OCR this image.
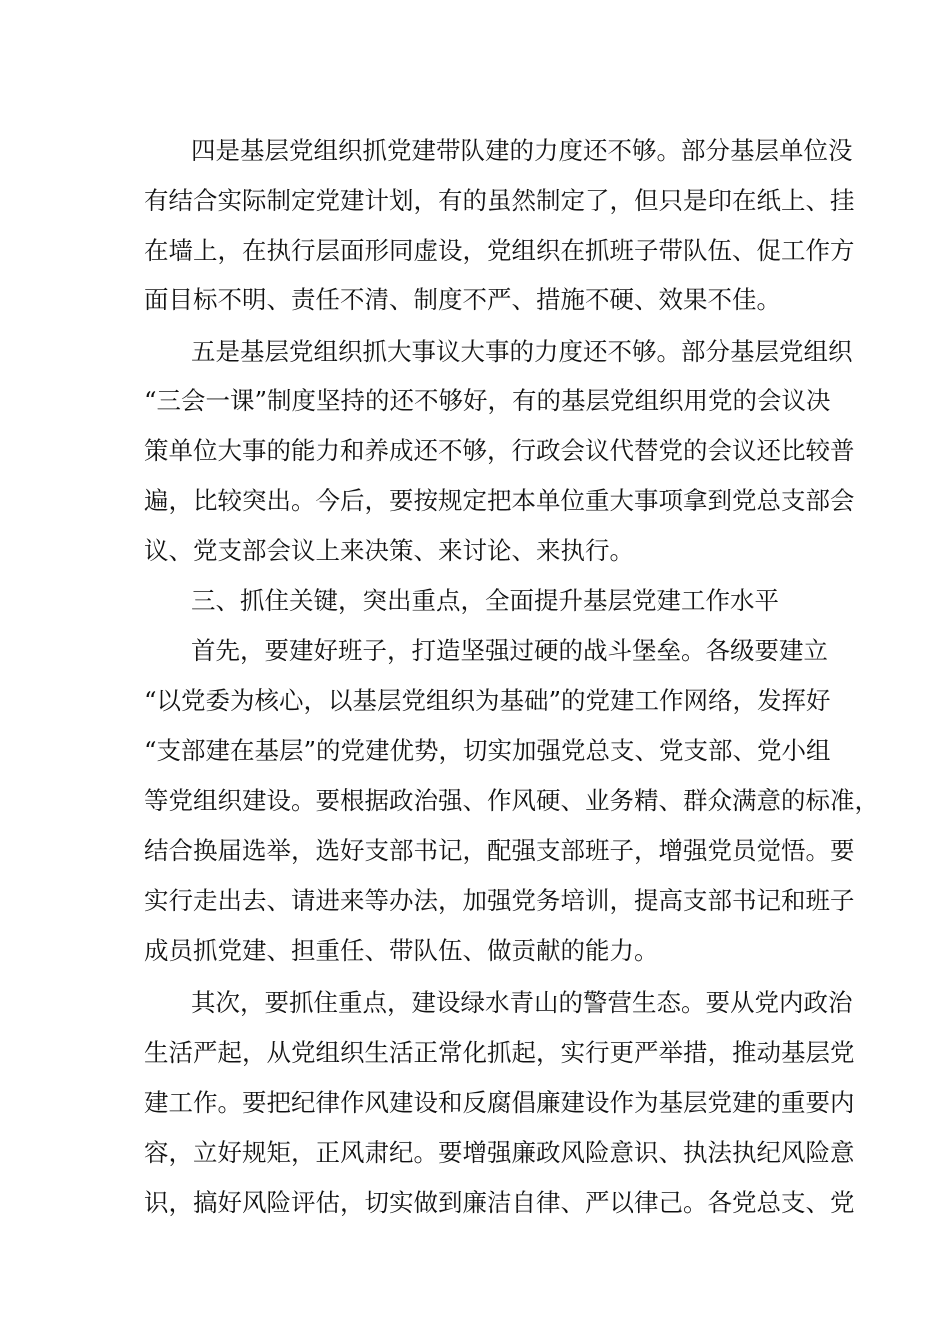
四是基层党组织抓党建带队建的力度还不够。部分基层单位没
有结合实际制定党建计划，有的虽然制定了，但只是印在纸上、挂
在墙上，在执行层面形同虚设，党组织在抓班子带队伍、促工作方
面目标不明、责任不清、制度不严、措施不硬、效果不佳。
五是基层党组织抓大事议大事的力度还不够。部分基层党组织
“三会一课”制度坚持的还不够好，有的基层党组织用党的会议决
策单位大事的能力和养成还不够，行政会议代替党的会议还比较普
遍，比较突出。今后，要按规定把本单位重大事项拿到党总支部会
议、党支部会议上来决策、来讨论、来执行。
三、抓住关键，突出重点，全面提升基层党建工作水平
首先，要建好班子，打造坚强过硬的战斗堡垒。各级要建立
“以党委为核心，以基层党组织为基础”的党建工作网络，发挥好
“支部建在基层”的党建优势，切实加强党总支、党支部、党小组
等党组织建设。要根据政治强、作风硬、业务精、群众满意的标准，
结合换届选举，选好支部书记，配强支部班子，增强党员觉悟。要
实行走出去、请进来等办法，加强党务培训，提高支部书记和班子
成员抓党建、担重任、带队伍、做贡献的能力。
其次，要抓住重点，建设绿水青山的警营生态。要从党内政治
生活严起，从党组织生活正常化抓起，实行更严举措，推动基层党
建工作。要把纪律作风建设和反腐倡廉建设作为基层党建的重要内
容，立好规矩，正风肃纪。要增强廉政风险意识、执法执纪风险意
识，搞好风险评估，切实做到廉洁自律、严以律己。各党总支、党
